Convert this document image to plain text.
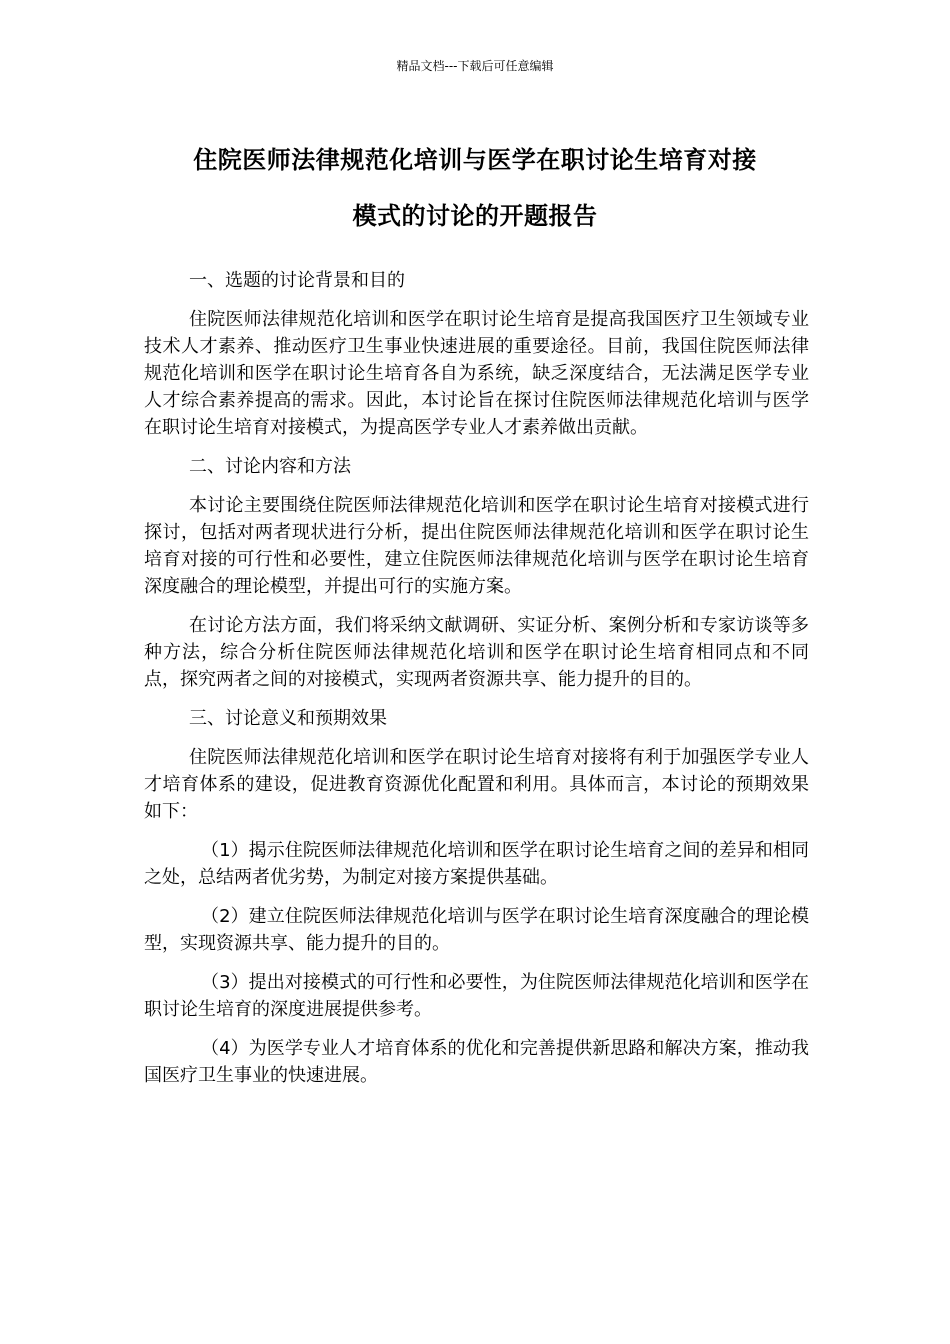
精品文档---下载后可任意编辑
住院医师法律规范化培训与医学在职讨论生培育对接
模式的讨论的开题报告

一、选题的讨论背景和目的

住院医师法律规范化培训和医学在职讨论生培育是提高我国医疗卫生领域专业技术人才素养、推动医疗卫生事业快速进展的重要途径。目前，我国住院医师法律规范化培训和医学在职讨论生培育各自为系统，缺乏深度结合，无法满足医学专业人才综合素养提高的需求。因此，本讨论旨在探讨住院医师法律规范化培训与医学在职讨论生培育对接模式，为提高医学专业人才素养做出贡献。

二、讨论内容和方法

本讨论主要围绕住院医师法律规范化培训和医学在职讨论生培育对接模式进行探讨，包括对两者现状进行分析，提出住院医师法律规范化培训和医学在职讨论生培育对接的可行性和必要性，建立住院医师法律规范化培训与医学在职讨论生培育深度融合的理论模型，并提出可行的实施方案。

在讨论方法方面，我们将采纳文献调研、实证分析、案例分析和专家访谈等多种方法，综合分析住院医师法律规范化培训和医学在职讨论生培育相同点和不同点，探究两者之间的对接模式，实现两者资源共享、能力提升的目的。

三、讨论意义和预期效果

住院医师法律规范化培训和医学在职讨论生培育对接将有利于加强医学专业人才培育体系的建设，促进教育资源优化配置和利用。具体而言，本讨论的预期效果如下：

（1）揭示住院医师法律规范化培训和医学在职讨论生培育之间的差异和相同之处，总结两者优劣势，为制定对接方案提供基础。

（2）建立住院医师法律规范化培训与医学在职讨论生培育深度融合的理论模型，实现资源共享、能力提升的目的。

（3）提出对接模式的可行性和必要性，为住院医师法律规范化培训和医学在职讨论生培育的深度进展提供参考。

（4）为医学专业人才培育体系的优化和完善提供新思路和解决方案，推动我国医疗卫生事业的快速进展。
